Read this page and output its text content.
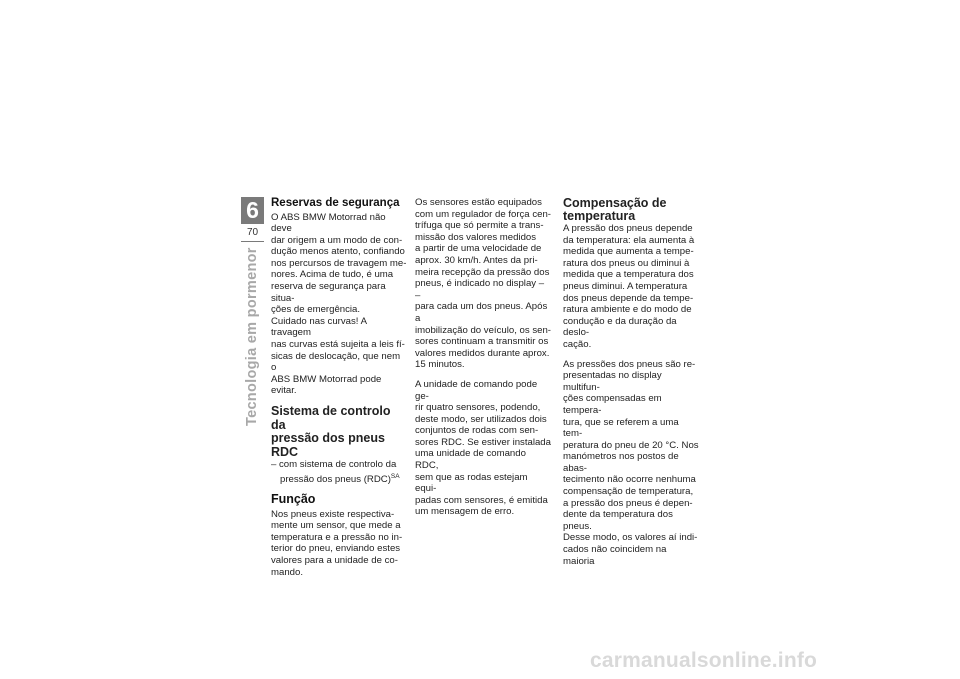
6
70
Tecnologia em pormenor
Reservas de segurança

O ABS BMW Motorrad não deve
dar origem a um modo de con-
dução menos atento, confiando
nos percursos de travagem me-
nores. Acima de tudo, é uma
reserva de segurança para situa-
ções de emergência.
Cuidado nas curvas! A travagem
nas curvas está sujeita a leis fí-
sicas de deslocação, que nem o
ABS BMW Motorrad pode evitar.

Sistema de controlo da
pressão dos pneus RDC

– com sistema de controlo da
pressão dos pneus (RDC)$^{SA}$

Função

Nos pneus existe respectiva-
mente um sensor, que mede a
temperatura e a pressão no in-
terior do pneu, enviando estes
valores para a unidade de co-
mando.

Os sensores estão equipados
com um regulador de força cen-
trífuga que só permite a trans-
missão dos valores medidos
a partir de uma velocidade de
aprox. 30 km/h. Antes da pri-
meira recepção da pressão dos
pneus, é indicado no display – –
para cada um dos pneus. Após a
imobilização do veículo, os sen-
sores continuam a transmitir os
valores medidos durante aprox.
15 minutos.

A unidade de comando pode ge-
rir quatro sensores, podendo,
deste modo, ser utilizados dois
conjuntos de rodas com sen-
sores RDC. Se estiver instalada
uma unidade de comando RDC,
sem que as rodas estejam equi-
padas com sensores, é emitida
um mensagem de erro.

Compensação de
temperatura

A pressão dos pneus depende
da temperatura: ela aumenta à
medida que aumenta a tempe-
ratura dos pneus ou diminui à
medida que a temperatura dos
pneus diminui. A temperatura
dos pneus depende da tempe-
ratura ambiente e do modo de
condução e da duração da deslo-
cação.

As pressões dos pneus são re-
presentadas no display multifun-
ções compensadas em tempera-
tura, que se referem a uma tem-
peratura do pneu de 20 °C. Nos
manómetros nos postos de abas-
tecimento não ocorre nenhuma
compensação de temperatura,
a pressão dos pneus é depen-
dente da temperatura dos pneus.
Desse modo, os valores aí indi-
cados não coincidem na maioria

carmanualsonline.info
